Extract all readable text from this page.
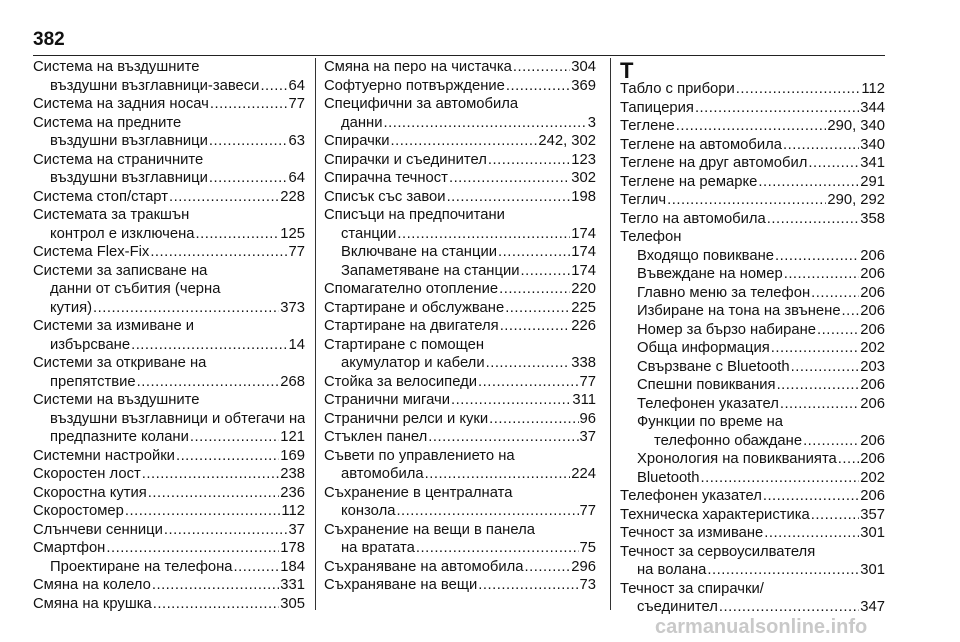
382
Система на въздушните
въздушни възглавници-завеси ..... 64
Система на задния носач .....	77
Система на предните
въздушни възглавници .....	63
Система на страничните
въздушни възглавници .....	64
Система стоп/старт .....	228
Системата за тракшън
контрол е изключена .....	125
Система Flex-Fix .....	77
Системи за записване на
данни от събития (черна
кутия) .....	373
Системи за измиване и
избърсване .....	14
Системи за откриване на
препятствие .....	268
Системи на въздушните
въздушни възглавници и обтегачи на
предпазните колани .....	121
Системни настройки .....	169
Скоростен лост .....	238
Скоростна кутия .....	236
Скоростомер .....	112
Слънчеви сенници .....	37
Смартфон .....	178
Проектиране на телефона .....	184
Смяна на колело .....	331
Смяна на крушка .....	305
Смяна на перо на чистачка .....	304
Софтуерно потвърждение .....	369
Специфични за автомобила
данни .....	3
Спирачки .....	242, 302
Спирачки и съединител .....	123
Спирачна течност .....	302
Списък със завои .....	198
Списъци на предпочитани
станции .....	174
Включване на станции .....	174
Запаметяване на станции .....	174
Спомагателно отопление .....	220
Стартиране и обслужване .....	225
Стартиране на двигателя .....	226
Стартиране с помощен
акумулатор и кабели .....	338
Стойка за велосипеди .....	77
Странични мигачи .....	311
Странични релси и куки .....	96
Стъклен панел .....	37
Съвети по управлението на
автомобила .....	224
Съхранение в централната
конзола .....	77
Съхранение на вещи в панела
на вратата .....	75
Съхраняване на автомобила .....	296
Съхраняване на вещи .....	73
Т
Табло с прибори .....	112
Тапицерия .....	344
Теглене .....	290, 340
Теглене на автомобила .....	340
Теглене на друг автомобил .....	341
Теглене на ремарке .....	291
Теглич .....	290, 292
Тегло на автомобила .....	358
Телефон
Входящо повикване .....	206
Въвеждане на номер .....	206
Главно меню за телефон .....	206
Избиране на тона на звънене ..... 206
Номер за бързо набиране .....	206
Обща информация .....	202
Свързване с Bluetooth .....	203
Спешни повиквания .....	206
Телефонен указател .....	206
Функции по време на
телефонно обаждане .....	206
Хронология на повикванията ..... 206
Bluetooth .....	202
Телефонен указател .....	206
Техническа характеристика .....	357
Течност за измиване .....	301
Течност за сервоусилвателя
на волана .....	301
Течност за спирачки/
съединител .....	347
carmanualsonline.info
